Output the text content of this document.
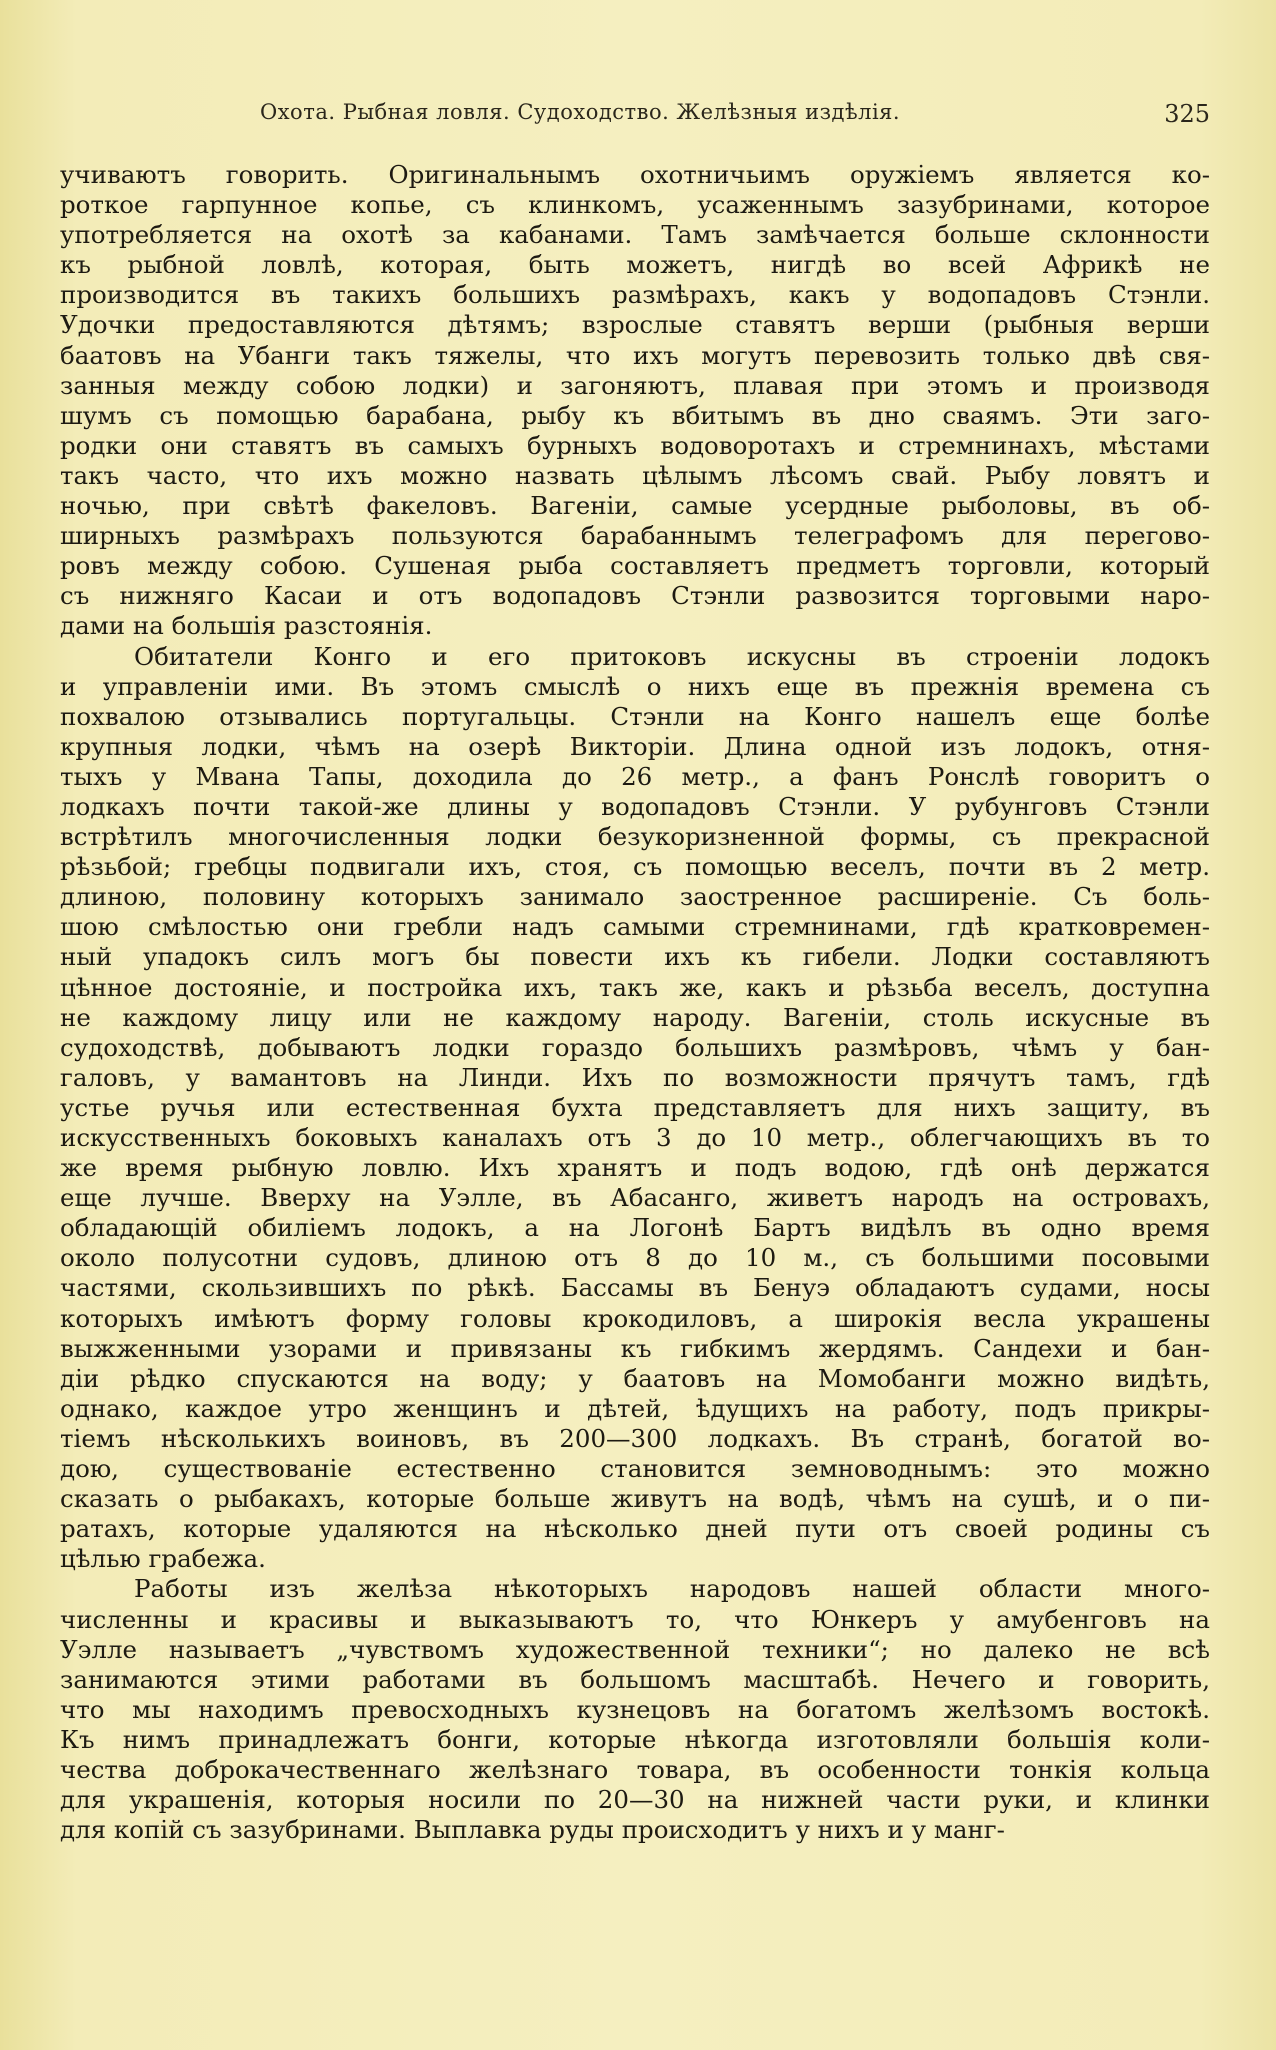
Охота. Рыбная ловля. Судоходство. Желѣзныя издѣлія.	325
учиваютъ говорить. Оригинальнымъ охотничьимъ оружіемъ является ко-
роткое гарпунное копье, съ клинкомъ, усаженнымъ зазубринами, которое
употребляется на охотѣ за кабанами. Тамъ замѣчается больше склонности
къ рыбной ловлѣ, которая, быть можетъ, нигдѣ во всей Африкѣ не
производится въ такихъ большихъ размѣрахъ, какъ у водопадовъ Стэнли.
Удочки предоставляются дѣтямъ; взрослые ставятъ верши (рыбныя верши
баатовъ на Убанги такъ тяжелы, что ихъ могутъ перевозить только двѣ свя-
занныя между собою лодки) и загоняютъ, плавая при этомъ и производя
шумъ съ помощью барабана, рыбу къ вбитымъ въ дно сваямъ. Эти заго-
родки они ставятъ въ самыхъ бурныхъ водоворотахъ и стремнинахъ, мѣстами
такъ часто, что ихъ можно назвать цѣлымъ лѣсомъ свай. Рыбу ловятъ и
ночью, при свѣтѣ факеловъ. Вагеніи, самые усердные рыболовы, въ об-
ширныхъ размѣрахъ пользуются барабаннымъ телеграфомъ для перегово-
ровъ между собою. Сушеная рыба составляетъ предметъ торговли, который
съ нижняго Касаи и отъ водопадовъ Стэнли развозится торговыми наро-
дами на большія разстоянія.
Обитатели Конго и его притоковъ искусны въ строеніи лодокъ
и управленіи ими. Въ этомъ смыслѣ о нихъ еще въ прежнія времена съ
похвалою отзывались португальцы. Стэнли на Конго нашелъ еще болѣе
крупныя лодки, чѣмъ на озерѣ Викторіи. Длина одной изъ лодокъ, отня-
тыхъ у Мвана Тапы, доходила до 26 метр., а фанъ Ронслѣ говоритъ о
лодкахъ почти такой-же длины у водопадовъ Стэнли. У рубунговъ Стэнли
встрѣтилъ многочисленныя лодки безукоризненной формы, съ прекрасной
рѣзьбой; гребцы подвигали ихъ, стоя, съ помощью веселъ, почти въ 2 метр.
длиною, половину которыхъ занимало заостренное расширеніе. Съ боль-
шою смѣлостью они гребли надъ самыми стремнинами, гдѣ кратковремен-
ный упадокъ силъ могъ бы повести ихъ къ гибели. Лодки составляютъ
цѣнное достояніе, и постройка ихъ, такъ же, какъ и рѣзьба веселъ, доступна
не каждому лицу или не каждому народу. Вагеніи, столь искусные въ
судоходствѣ, добываютъ лодки гораздо большихъ размѣровъ, чѣмъ у бан-
галовъ, у вамантовъ на Линди. Ихъ по возможности прячутъ тамъ, гдѣ
устье ручья или естественная бухта представляетъ для нихъ защиту, въ
искусственныхъ боковыхъ каналахъ отъ 3 до 10 метр., облегчающихъ въ то
же время рыбную ловлю. Ихъ хранятъ и подъ водою, гдѣ онѣ держатся
еще лучше. Вверху на Уэлле, въ Абасанго, живетъ народъ на островахъ,
обладающій обиліемъ лодокъ, а на Логонѣ Бартъ видѣлъ въ одно время
около полусотни судовъ, длиною отъ 8 до 10 м., съ большими посовыми
частями, скользившихъ по рѣкѣ. Бассамы въ Бенуэ обладаютъ судами, носы
которыхъ имѣютъ форму головы крокодиловъ, а широкія весла украшены
выжженными узорами и привязаны къ гибкимъ жердямъ. Сандехи и бан-
діи рѣдко спускаются на воду; у баатовъ на Момобанги можно видѣть,
однако, каждое утро женщинъ и дѣтей, ѣдущихъ на работу, подъ прикры-
тіемъ нѣсколькихъ воиновъ, въ 200—300 лодкахъ. Въ странѣ, богатой во-
дою, существованіе естественно становится земноводнымъ: это можно
сказать о рыбакахъ, которые больше живутъ на водѣ, чѣмъ на сушѣ, и о пи-
ратахъ, которые удаляются на нѣсколько дней пути отъ своей родины съ
цѣлью грабежа.
Работы изъ желѣза нѣкоторыхъ народовъ нашей области много-
численны и красивы и выказываютъ то, что Юнкеръ у амубенговъ на
Уэлле называетъ „чувствомъ художественной техники“; но далеко не всѣ
занимаются этими работами въ большомъ масштабѣ. Нечего и говорить,
что мы находимъ превосходныхъ кузнецовъ на богатомъ желѣзомъ востокѣ.
Къ нимъ принадлежатъ бонги, которые нѣкогда изготовляли большія коли-
чества доброкачественнаго желѣзнаго товара, въ особенности тонкія кольца
для украшенія, которыя носили по 20—30 на нижней части руки, и клинки
для копій съ зазубринами. Выплавка руды происходитъ у нихъ и у манг-
